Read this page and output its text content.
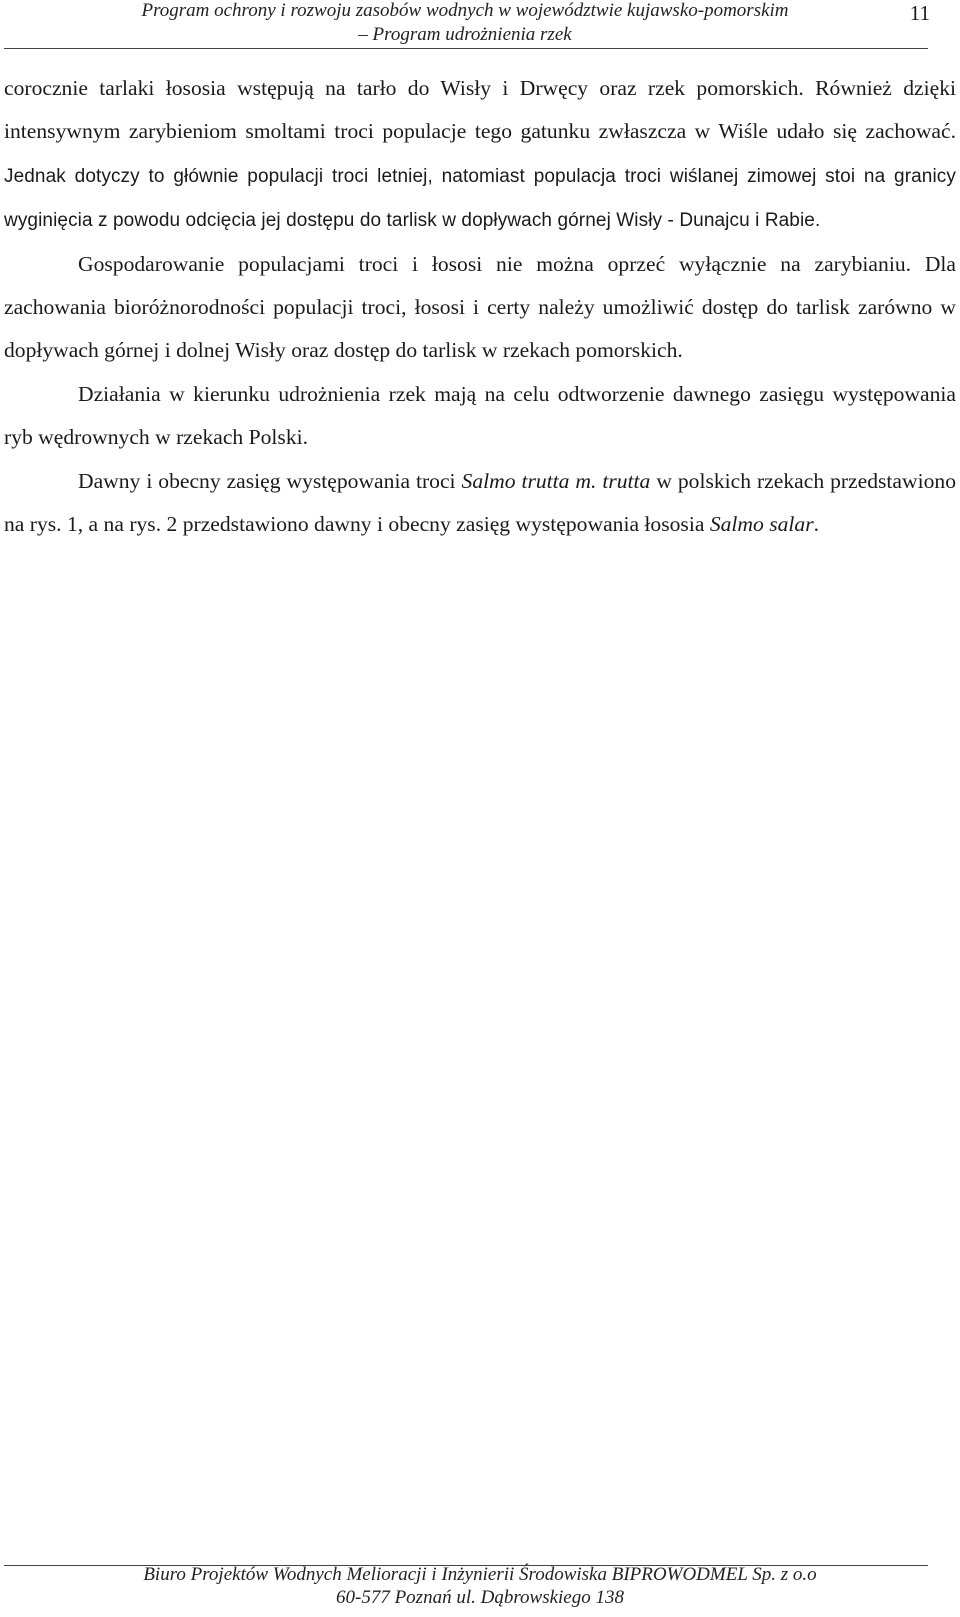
Program ochrony i rozwoju zasobów wodnych w województwie kujawsko-pomorskim
– Program udrożnienia rzek
11

corocznie tarlaki łososia wstępują na tarło do Wisły i Drwęcy oraz rzek pomorskich. Również dzięki intensywnym zarybieniom smoltami troci populacje tego gatunku zwłaszcza w Wiśle udało się zachować. Jednak dotyczy to głównie populacji troci letniej, natomiast populacja troci wiślanej zimowej stoi na granicy wyginięcia z powodu odcięcia jej dostępu do tarlisk w dopływach górnej Wisły - Dunajcu i Rabie.

Gospodarowanie populacjami troci i łososi nie można oprzeć wyłącznie na zarybianiu. Dla zachowania bioróżnorodności populacji troci, łososi i certy należy umożliwić dostęp do tarlisk zarówno w dopływach górnej i dolnej Wisły oraz dostęp do tarlisk w rzekach pomorskich.

Działania w kierunku udrożnienia rzek mają na celu odtworzenie dawnego zasięgu występowania ryb wędrownych w rzekach Polski.

Dawny i obecny zasięg występowania troci Salmo trutta m. trutta w polskich rzekach przedstawiono na rys. 1, a na rys. 2 przedstawiono dawny i obecny zasięg występowania łososia Salmo salar.

Biuro Projektów Wodnych Melioracji i Inżynierii Środowiska BIPROWODMEL Sp. z o.o
60-577 Poznań ul. Dąbrowskiego 138
